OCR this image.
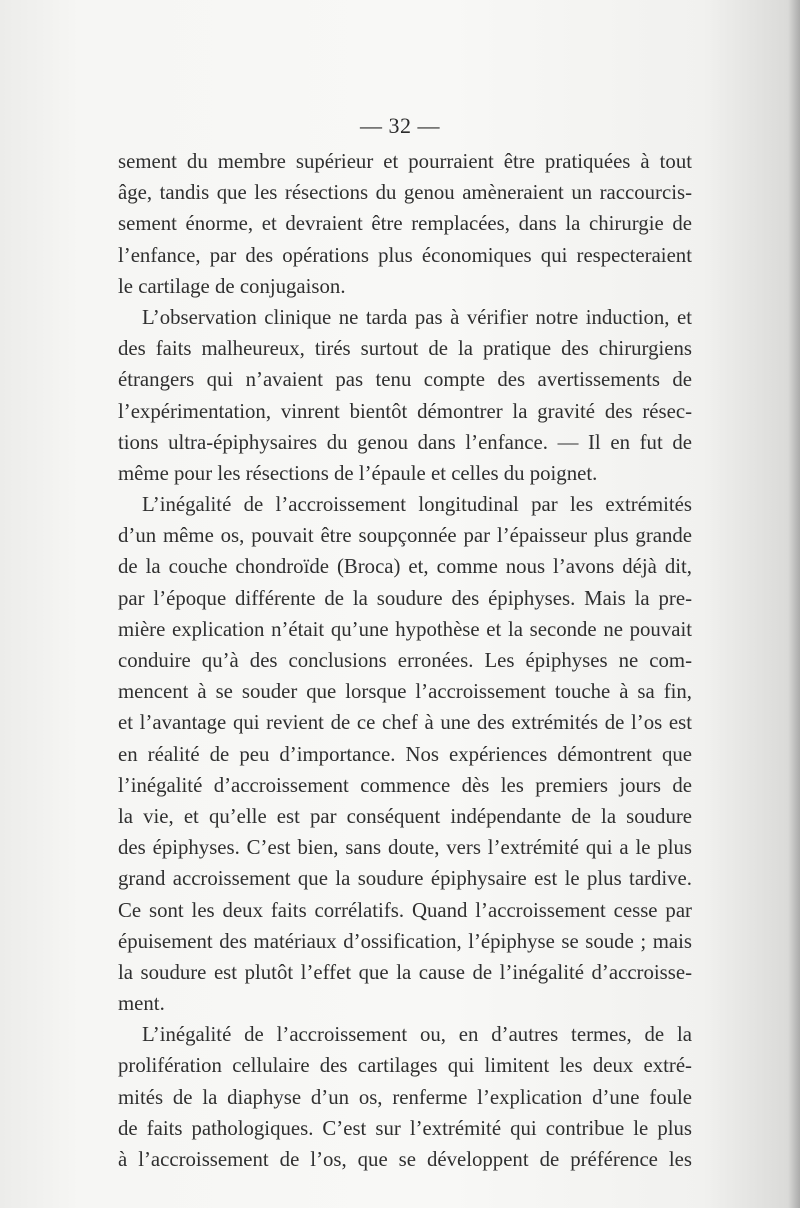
— 32 —
sement du membre supérieur et pourraient être pratiquées à tout
âge, tandis que les résections du genou amèneraient un raccourcis-
sement énorme, et devraient être remplacées, dans la chirurgie de
l’enfance, par des opérations plus économiques qui respecteraient
le cartilage de conjugaison.
L’observation clinique ne tarda pas à vérifier notre induction, et
des faits malheureux, tirés surtout de la pratique des chirurgiens
étrangers qui n’avaient pas tenu compte des avertissements de
l’expérimentation, vinrent bientôt démontrer la gravité des résec-
tions ultra-épiphysaires du genou dans l’enfance. — Il en fut de
même pour les résections de l’épaule et celles du poignet.
L’inégalité de l’accroissement longitudinal par les extrémités
d’un même os, pouvait être soupçonnée par l’épaisseur plus grande
de la couche chondroïde (Broca) et, comme nous l’avons déjà dit,
par l’époque différente de la soudure des épiphyses. Mais la pre-
mière explication n’était qu’une hypothèse et la seconde ne pouvait
conduire qu’à des conclusions erronées. Les épiphyses ne com-
mencent à se souder que lorsque l’accroissement touche à sa fin,
et l’avantage qui revient de ce chef à une des extrémités de l’os est
en réalité de peu d’importance. Nos expériences démontrent que
l’inégalité d’accroissement commence dès les premiers jours de
la vie, et qu’elle est par conséquent indépendante de la soudure
des épiphyses. C’est bien, sans doute, vers l’extrémité qui a le plus
grand accroissement que la soudure épiphysaire est le plus tardive.
Ce sont les deux faits corrélatifs. Quand l’accroissement cesse par
épuisement des matériaux d’ossification, l’épiphyse se soude ; mais
la soudure est plutôt l’effet que la cause de l’inégalité d’accroisse-
ment.
L’inégalité de l’accroissement ou, en d’autres termes, de la
prolifération cellulaire des cartilages qui limitent les deux extré-
mités de la diaphyse d’un os, renferme l’explication d’une foule
de faits pathologiques. C’est sur l’extrémité qui contribue le plus
à l’accroissement de l’os, que se développent de préférence les
